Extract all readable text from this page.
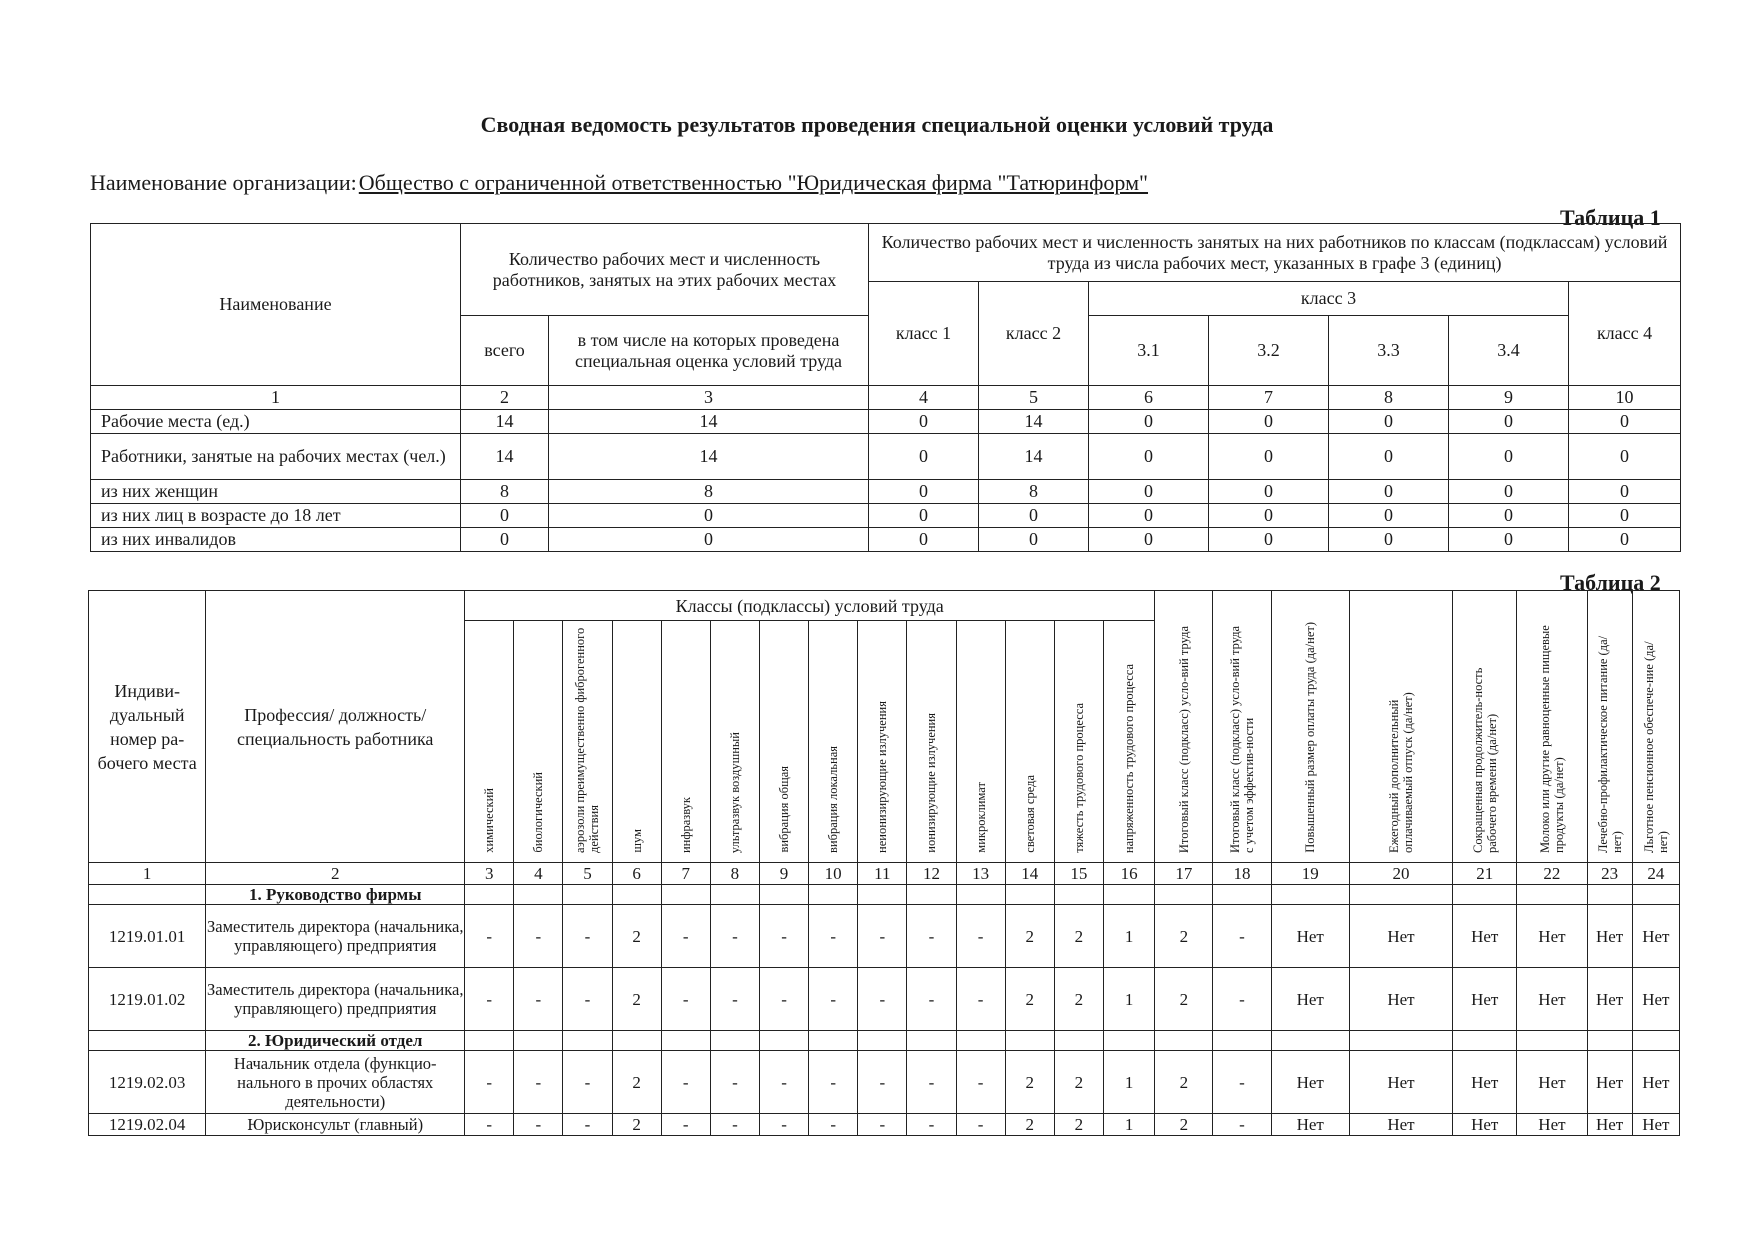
Сводная ведомость результатов проведения специальной оценки условий труда
Наименование организации:Общество с ограниченной ответственностью "Юридическая фирма "Татюринформ"
Таблица 1
Наименование	Количество рабочих мест и численность работников, занятых на этих рабочих местах		Количество рабочих мест и численность занятых на них работников по классам (подклассам) условий труда из числа рабочих мест, указанных в графе 3 (единиц)						
			класс 1	класс 2	класс 3				класс 4
	всего	в том числе на которых проведена специальная оценка условий труда			3.1	3.2	3.3	3.4	
1	2	3	4	5	6	7	8	9	10
Рабочие места (ед.)	14	14	0	14	0	0	0	0	0
Работники, занятые на рабочих местах (чел.)	14	14	0	14	0	0	0	0	0
из них женщин	8	8	0	8	0	0	0	0	0
из них лиц в возрасте до 18 лет	0	0	0	0	0	0	0	0	0
из них инвалидов	0	0	0	0	0	0	0	0	0
Таблица 2
Индиви-дуальный номер ра-бочего места	Профессия/ должность/ специальность работника	Классы (подклассы) условий труда														Итоговый класс (подкласс) усло-вий труда	Итоговый класс (подкласс) усло-вий труда с учетом эффектив-ности	Повышенный размер оплаты труда (да/нет)	Ежегодный дополнительный оплачиваемый отпуск (да/нет)	Сокращенная продолжитель-ность рабочего времени (да/нет)	Молоко или другие равноценные пищевые продукты (да/нет)	Лечебно-профилактическое питание (да/нет)	Льготное пенсионное обеспече-ние (да/нет)
		химический	биологический	аэрозоли преимущественно фиброгенного действия	шум	инфразвук	ультразвук воздушный	вибрация общая	вибрация локальная	неионизирующие излучения	ионизирующие излучения	микроклимат	световая среда	тяжесть трудового процесса	напряженность трудового процесса								
1	2	3	4	5	6	7	8	9	10	11	12	13	14	15	16	17	18	19	20	21	22	23	24
	1. Руководство фирмы																						
1219.01.01	Заместитель директора (начальника, управляющего) предприятия	-	-	-	2	-	-	-	-	-	-	-	2	2	1	2	-	Нет	Нет	Нет	Нет	Нет	Нет
1219.01.02	Заместитель директора (начальника, управляющего) предприятия	-	-	-	2	-	-	-	-	-	-	-	2	2	1	2	-	Нет	Нет	Нет	Нет	Нет	Нет
	2. Юридический отдел																						
1219.02.03	Начальник отдела (функцио-нального в прочих областях деятельности)	-	-	-	2	-	-	-	-	-	-	-	2	2	1	2	-	Нет	Нет	Нет	Нет	Нет	Нет
1219.02.04	Юрисконсульт (главный)	-	-	-	2	-	-	-	-	-	-	-	2	2	1	2	-	Нет	Нет	Нет	Нет	Нет	Нет
